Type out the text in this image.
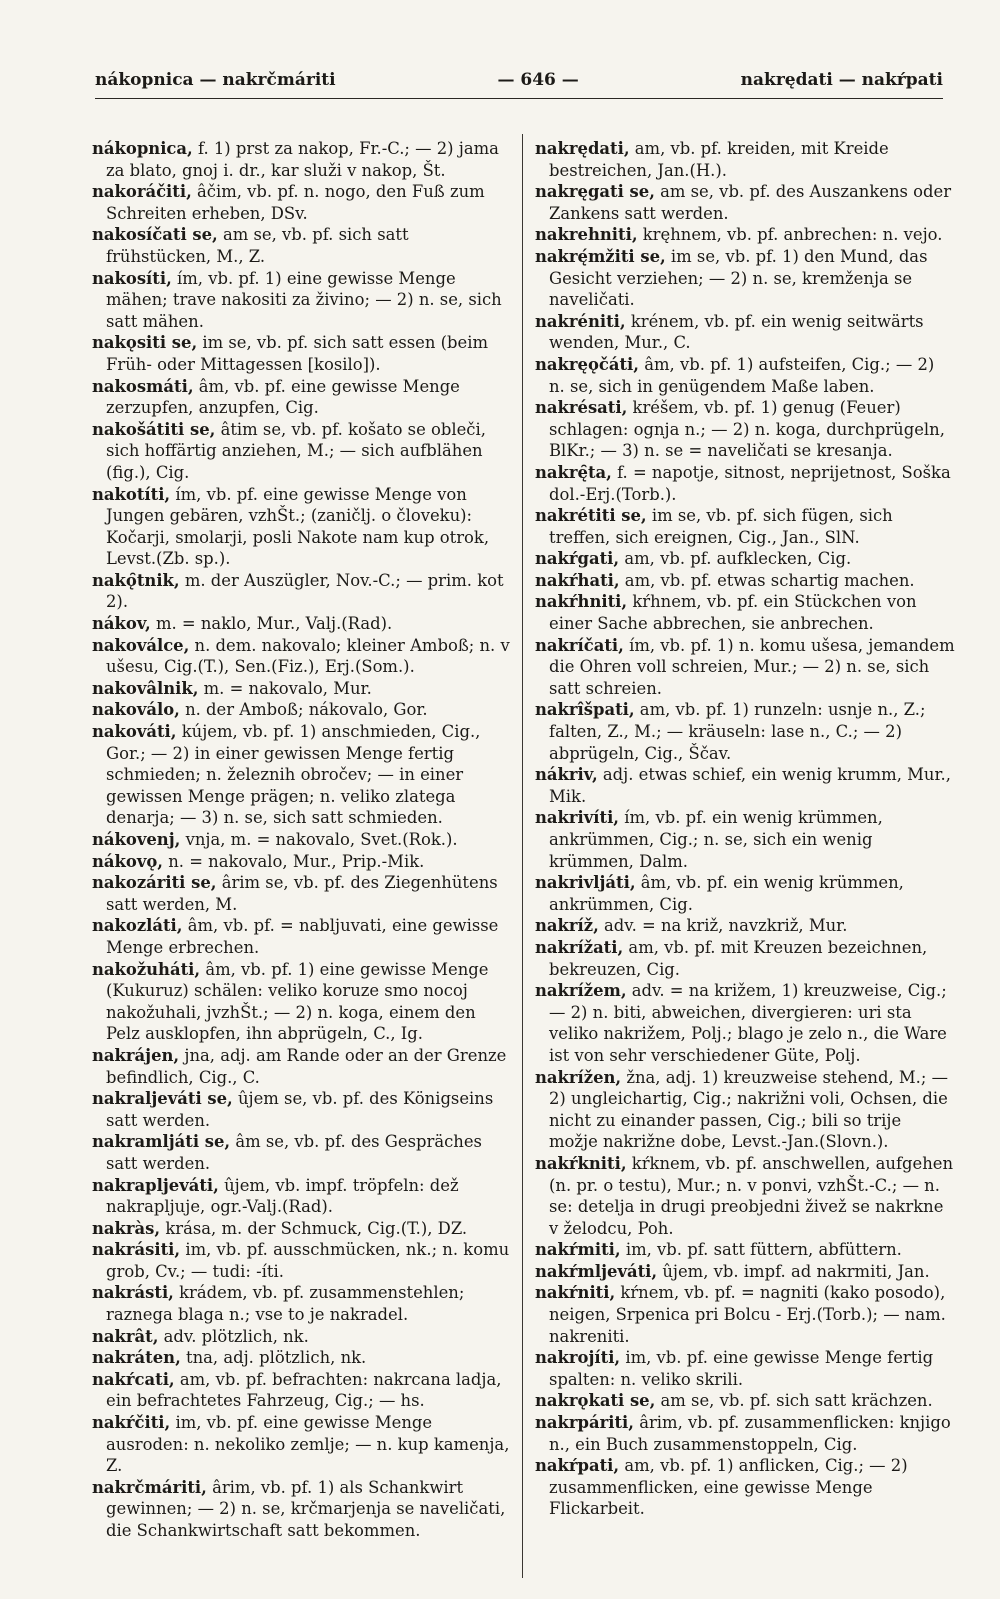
nákopnica — nakrčmáriti	— 646 —	nakrędati — nakŕpati

nákopnica, f. 1) prst za nakop, Fr.-C.; — 2) jama za blato, gnoj i. dr., kar služi v nakop, Št.

nakoráčiti, âčim, vb. pf. n. nogo, den Fuß zum Schreiten erheben, DSv.

nakosíčati se, am se, vb. pf. sich satt frühstücken, M., Z.

nakosíti, ím, vb. pf. 1) eine gewisse Menge mähen; trave nakositi za živino; — 2) n. se, sich satt mähen.

nakǫsiti se, im se, vb. pf. sich satt essen (beim Früh- oder Mittagessen [kosilo]).

nakosmáti, âm, vb. pf. eine gewisse Menge zerzupfen, anzupfen, Cig.

nakošátiti se, âtim se, vb. pf. košato se obleči, sich hoffärtig anziehen, M.; — sich aufblähen (fig.), Cig.

nakotíti, ím, vb. pf. eine gewisse Menge von Jungen gebären, vzhŠt.; (zaničlj. o človeku): Kočarji, smolarji, posli Nakote nam kup otrok, Levst.(Zb. sp.).

nakǫ̑tnik, m. der Auszügler, Nov.-C.; — prim. kot 2).

nákov, m. = naklo, Mur., Valj.(Rad).

nakoválce, n. dem. nakovalo; kleiner Amboß; n. v ušesu, Cig.(T.), Sen.(Fiz.), Erj.(Som.).

nakovâlnik, m. = nakovalo, Mur.

nakoválo, n. der Amboß; nákovalo, Gor.

nakováti, kújem, vb. pf. 1) anschmieden, Cig., Gor.; — 2) in einer gewissen Menge fertig schmieden; n. železnih obročev; — in einer gewissen Menge prägen; n. veliko zlatega denarja; — 3) n. se, sich satt schmieden.

nákovenj, vnja, m. = nakovalo, Svet.(Rok.).

nákovǫ, n. = nakovalo, Mur., Prip.-Mik.

nakozáriti se, ârim se, vb. pf. des Ziegenhütens satt werden, M.

nakozláti, âm, vb. pf. = nabljuvati, eine gewisse Menge erbrechen.

nakožuháti, âm, vb. pf. 1) eine gewisse Menge (Kukuruz) schälen: veliko koruze smo nocoj nakožuhali, jvzhŠt.; — 2) n. koga, einem den Pelz ausklopfen, ihn abprügeln, C., Ig.

nakrájen, jna, adj. am Rande oder an der Grenze befindlich, Cig., C.

nakraljeváti se, ûjem se, vb. pf. des Königseins satt werden.

nakramljáti se, âm se, vb. pf. des Gespräches satt werden.

nakrapljeváti, ûjem, vb. impf. tröpfeln: dež nakrapljuje, ogr.-Valj.(Rad).

nakràs, krása, m. der Schmuck, Cig.(T.), DZ.

nakrásiti, im, vb. pf. ausschmücken, nk.; n. komu grob, Cv.; — tudi: -íti.

nakrásti, krádem, vb. pf. zusammenstehlen; raznega blaga n.; vse to je nakradel.

nakrât, adv. plötzlich, nk.

nakráten, tna, adj. plötzlich, nk.

nakŕcati, am, vb. pf. befrachten: nakrcana ladja, ein befrachtetes Fahrzeug, Cig.; — hs.

nakŕčiti, im, vb. pf. eine gewisse Menge ausroden: n. nekoliko zemlje; — n. kup kamenja, Z.

nakrčmáriti, ârim, vb. pf. 1) als Schankwirt gewinnen; — 2) n. se, krčmarjenja se naveličati, die Schankwirtschaft satt bekommen.

nakrędati, am, vb. pf. kreiden, mit Kreide bestreichen, Jan.(H.).

nakręgati se, am se, vb. pf. des Auszankens oder Zankens satt werden.

nakrehniti, kręhnem, vb. pf. anbrechen: n. vejo.

nakrę́mžiti se, im se, vb. pf. 1) den Mund, das Gesicht verziehen; — 2) n. se, kremženja se naveličati.

nakréniti, krénem, vb. pf. ein wenig seitwärts wenden, Mur., C.

nakręǫčáti, âm, vb. pf. 1) aufsteifen, Cig.; — 2) n. se, sich in genügendem Maße laben.

nakrésati, kréšem, vb. pf. 1) genug (Feuer) schlagen: ognja n.; — 2) n. koga, durchprügeln, BlKr.; — 3) n. se = naveličati se kresanja.

nakrę̑ta, f. = napotje, sitnost, neprijetnost, Soška dol.-Erj.(Torb.).

nakrétiti se, im se, vb. pf. sich fügen, sich treffen, sich ereignen, Cig., Jan., SlN.

nakŕgati, am, vb. pf. aufklecken, Cig.

nakŕhati, am, vb. pf. etwas schartig machen.

nakŕhniti, kŕhnem, vb. pf. ein Stückchen von einer Sache abbrechen, sie anbrechen.

nakríčati, ím, vb. pf. 1) n. komu ušesa, jemandem die Ohren voll schreien, Mur.; — 2) n. se, sich satt schreien.

nakrîšpati, am, vb. pf. 1) runzeln: usnje n., Z.; falten, Z., M.; — kräuseln: lase n., C.; — 2) abprügeln, Cig., Ščav.

nákriv, adj. etwas schief, ein wenig krumm, Mur., Mik.

nakrivíti, ím, vb. pf. ein wenig krümmen, ankrümmen, Cig.; n. se, sich ein wenig krümmen, Dalm.

nakrivljáti, âm, vb. pf. ein wenig krümmen, ankrümmen, Cig.

nakríž, adv. = na križ, navzkriž, Mur.

nakrížati, am, vb. pf. mit Kreuzen bezeichnen, bekreuzen, Cig.

nakrížem, adv. = na križem, 1) kreuzweise, Cig.; — 2) n. biti, abweichen, divergieren: uri sta veliko nakrižem, Polj.; blago je zelo n., die Ware ist von sehr verschiedener Güte, Polj.

nakrížen, žna, adj. 1) kreuzweise stehend, M.; — 2) ungleichartig, Cig.; nakrižni voli, Ochsen, die nicht zu einander passen, Cig.; bili so trije možje nakrižne dobe, Levst.-Jan.(Slovn.).

nakŕkniti, kŕknem, vb. pf. anschwellen, aufgehen (n. pr. o testu), Mur.; n. v ponvi, vzhŠt.-C.; — n. se: detelja in drugi preobjedni živež se nakrkne v želodcu, Poh.

nakŕmiti, im, vb. pf. satt füttern, abfüttern.

nakŕmljeváti, ûjem, vb. impf. ad nakrmiti, Jan.

nakŕniti, kŕnem, vb. pf. = nagniti (kako posodo), neigen, Srpenica pri Bolcu - Erj.(Torb.); — nam. nakreniti.

nakrojíti, im, vb. pf. eine gewisse Menge fertig spalten: n. veliko skrili.

nakrǫkati se, am se, vb. pf. sich satt krächzen.

nakrpáriti, ârim, vb. pf. zusammenflicken: knjigo n., ein Buch zusammenstoppeln, Cig.

nakŕpati, am, vb. pf. 1) anflicken, Cig.; — 2) zusammenflicken, eine gewisse Menge Flickarbeit.
